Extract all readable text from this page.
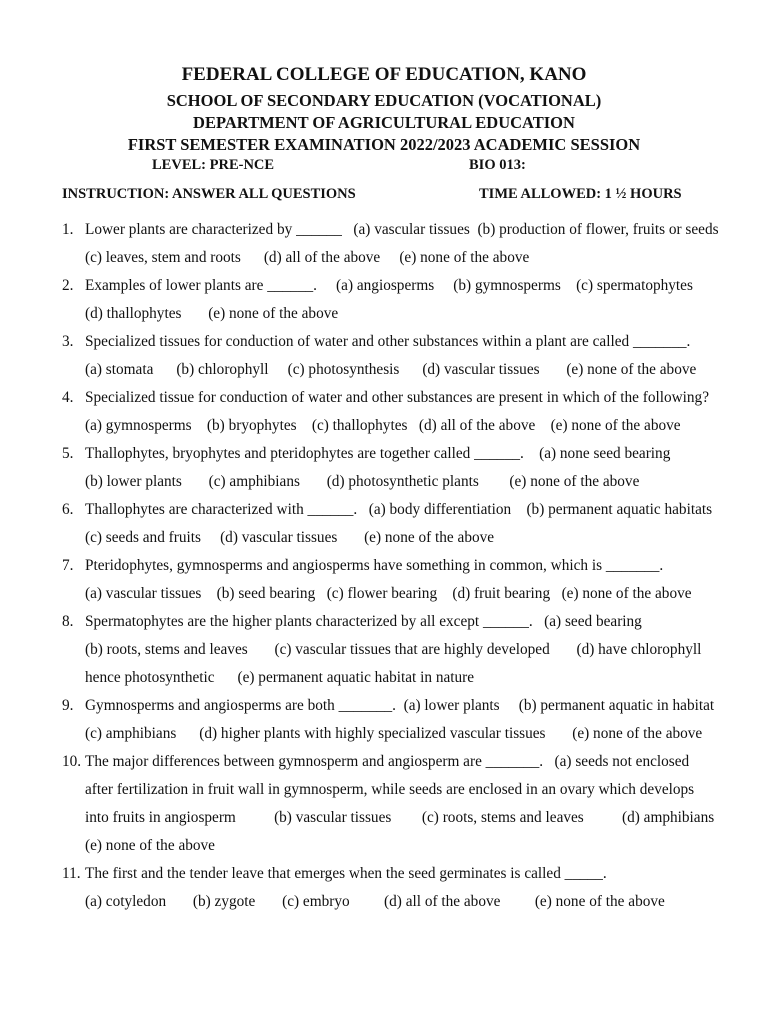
FEDERAL COLLEGE OF EDUCATION, KANO
SCHOOL OF SECONDARY EDUCATION (VOCATIONAL)
DEPARTMENT OF AGRICULTURAL EDUCATION
FIRST SEMESTER EXAMINATION 2022/2023 ACADEMIC SESSION
LEVEL: PRE-NCE	BIO 013:
INSTRUCTION: ANSWER ALL QUESTIONS	TIME ALLOWED: 1 ½ HOURS
1. Lower plants are characterized by ______   (a) vascular tissues  (b) production of flower, fruits or seeds
(c) leaves, stem and roots      (d) all of the above     (e) none of the above
2. Examples of lower plants are ______.     (a) angiosperms     (b) gymnosperms    (c) spermatophytes
(d) thallophytes       (e) none of the above
3. Specialized tissues for conduction of water and other substances within a plant are called _______.
(a) stomata      (b) chlorophyll     (c) photosynthesis      (d) vascular tissues       (e) none of the above
4. Specialized tissue for conduction of water and other substances are present in which of the following?
(a) gymnosperms    (b) bryophytes    (c) thallophytes   (d) all of the above    (e) none of the above
5. Thallophytes, bryophytes and pteridophytes are together called ______.    (a) none seed bearing
(b) lower plants       (c) amphibians       (d) photosynthetic plants        (e) none of the above
6. Thallophytes are characterized with ______.   (a) body differentiation    (b) permanent aquatic habitats
(c) seeds and fruits     (d) vascular tissues       (e) none of the above
7. Pteridophytes, gymnosperms and angiosperms have something in common, which is _______.
(a) vascular tissues    (b) seed bearing   (c) flower bearing    (d) fruit bearing   (e) none of the above
8. Spermatophytes are the higher plants characterized by all except ______.   (a) seed bearing
(b) roots, stems and leaves       (c) vascular tissues that are highly developed       (d) have chlorophyll
hence photosynthetic      (e) permanent aquatic habitat in nature
9. Gymnosperms and angiosperms are both _______.  (a) lower plants     (b) permanent aquatic in habitat
(c) amphibians      (d) higher plants with highly specialized vascular tissues       (e) none of the above
10. The major differences between gymnosperm and angiosperm are _______.   (a) seeds not enclosed
after fertilization in fruit wall in gymnosperm, while seeds are enclosed in an ovary which develops
into fruits in angiosperm          (b) vascular tissues        (c) roots, stems and leaves          (d) amphibians
(e) none of the above
11. The first and the tender leave that emerges when the seed germinates is called _____.
(a) cotyledon       (b) zygote       (c) embryo         (d) all of the above         (e) none of the above
